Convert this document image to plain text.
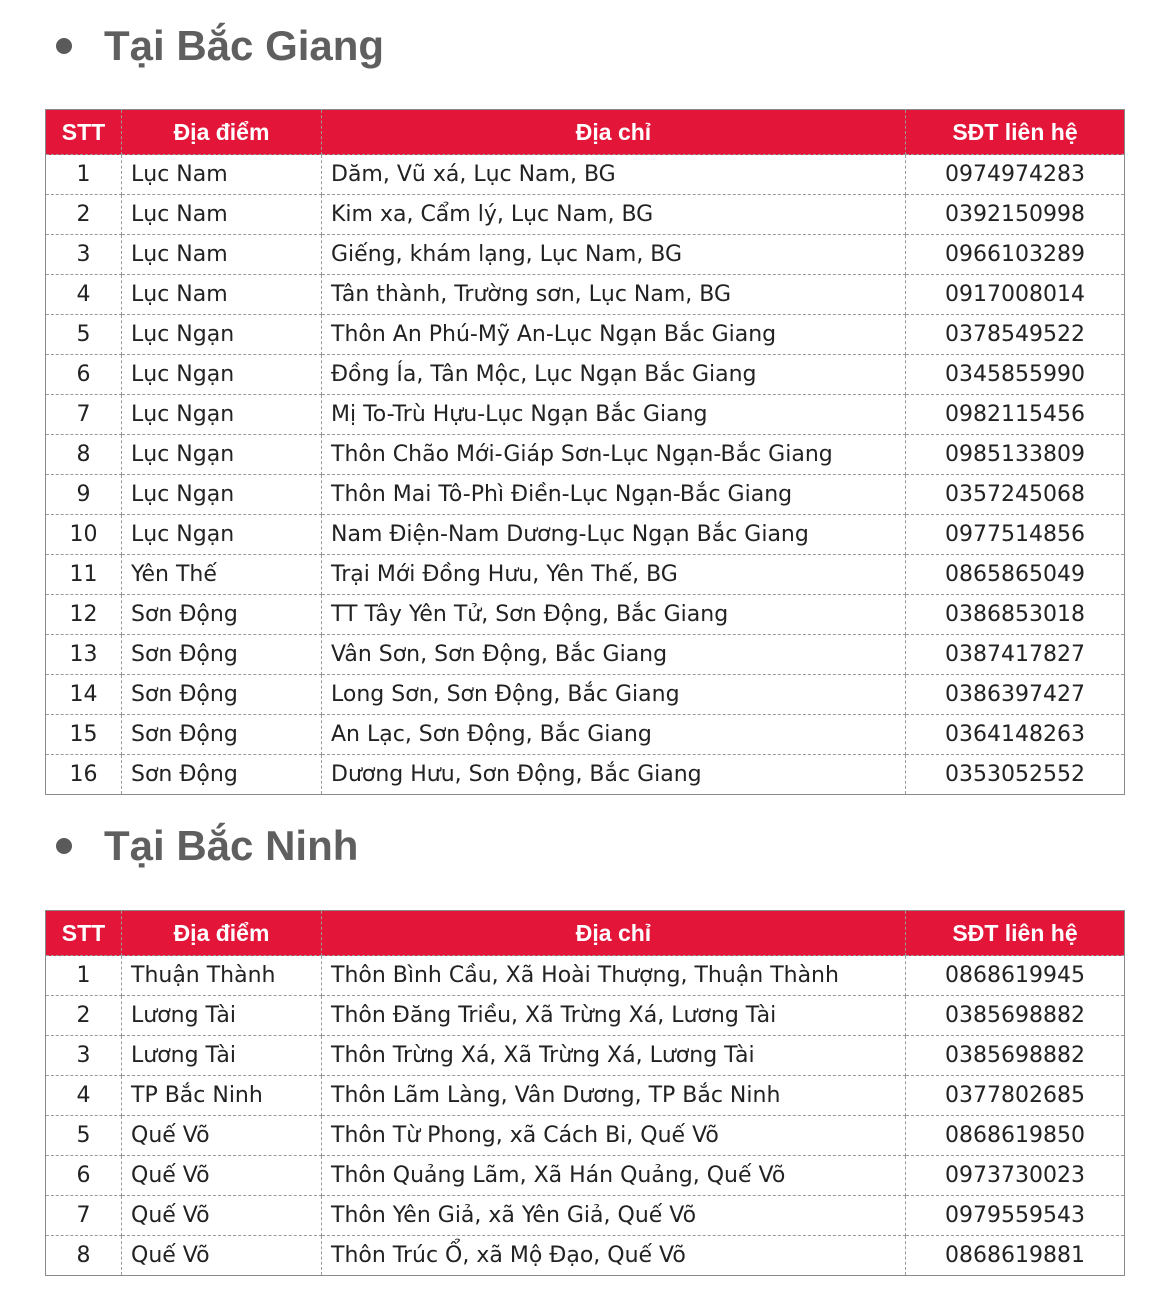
Tại Bắc Giang
STT	Địa điểm	Địa chỉ	SĐT liên hệ
1	Lục Nam	Dăm, Vũ xá, Lục Nam, BG	0974974283
2	Lục Nam	Kim xa, Cẩm lý, Lục Nam, BG	0392150998
3	Lục Nam	Giếng, khám lạng, Lục Nam, BG	0966103289
4	Lục Nam	Tân thành, Trường sơn, Lục Nam, BG	0917008014
5	Lục Ngạn	Thôn An Phú-Mỹ An-Lục Ngạn Bắc Giang	0378549522
6	Lục Ngạn	Đồng Ía, Tân Mộc, Lục Ngạn Bắc Giang	0345855990
7	Lục Ngạn	Mị To-Trù Hựu-Lục Ngạn Bắc Giang	0982115456
8	Lục Ngạn	Thôn Chão Mới-Giáp Sơn-Lục Ngạn-Bắc Giang	0985133809
9	Lục Ngạn	Thôn Mai Tô-Phì Điền-Lục Ngạn-Bắc Giang	0357245068
10	Lục Ngạn	Nam Điện-Nam Dương-Lục Ngạn Bắc Giang	0977514856
11	Yên Thế	Trại Mới Đồng Hưu, Yên Thế, BG	0865865049
12	Sơn Động	TT Tây Yên Tử, Sơn Động, Bắc Giang	0386853018
13	Sơn Động	Vân Sơn, Sơn Động, Bắc Giang	0387417827
14	Sơn Động	Long Sơn, Sơn Động, Bắc Giang	0386397427
15	Sơn Động	An Lạc, Sơn Động, Bắc Giang	0364148263
16	Sơn Động	Dương Hưu, Sơn Động, Bắc Giang	0353052552
Tại Bắc Ninh
STT	Địa điểm	Địa chỉ	SĐT liên hệ
1	Thuận Thành	Thôn Bình Cầu, Xã Hoài Thượng, Thuận Thành	0868619945
2	Lương Tài	Thôn Đăng Triều, Xã Trừng Xá, Lương Tài	0385698882
3	Lương Tài	Thôn Trừng Xá, Xã Trừng Xá, Lương Tài	0385698882
4	TP Bắc Ninh	Thôn Lãm Làng, Vân Dương, TP Bắc Ninh	0377802685
5	Quế Võ	Thôn Từ Phong, xã Cách Bi, Quế Võ	0868619850
6	Quế Võ	Thôn Quảng Lãm, Xã Hán Quảng, Quế Võ	0973730023
7	Quế Võ	Thôn Yên Giả, xã Yên Giả, Quế Võ	0979559543
8	Quế Võ	Thôn Trúc Ổ, xã Mộ Đạo, Quế Võ	0868619881
